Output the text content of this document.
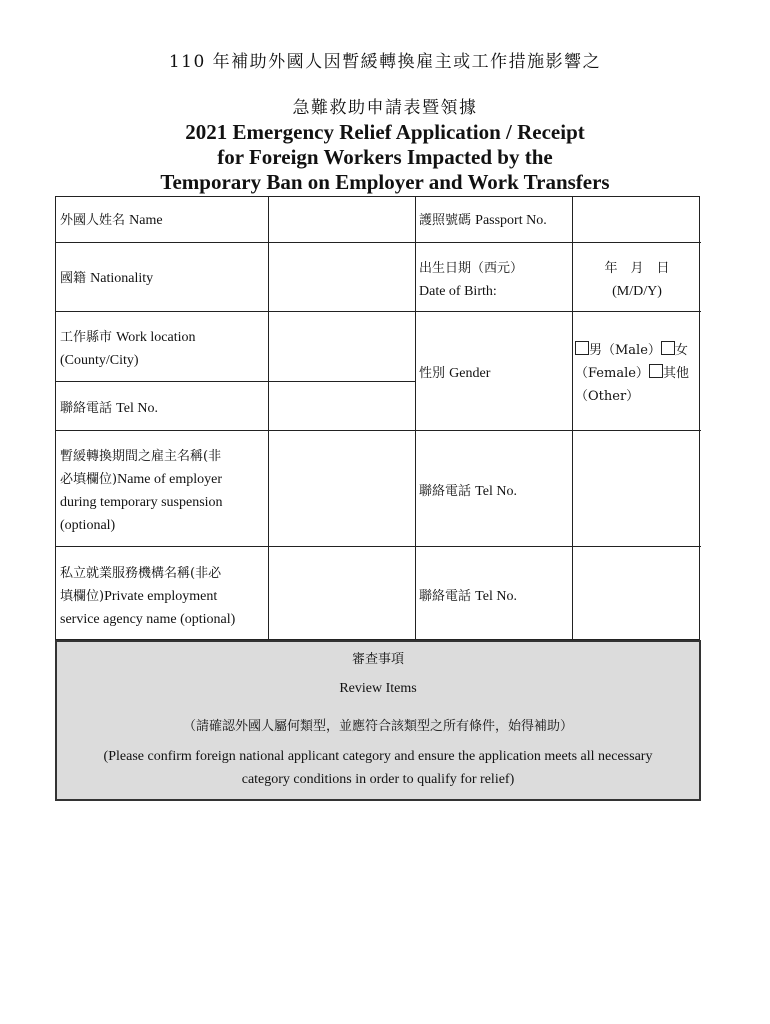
110 年補助外國人因暫緩轉換雇主或工作措施影響之
急難救助申請表暨領據
2021 Emergency Relief Application / Receipt
for Foreign Workers Impacted by the
Temporary Ban on Employer and Work Transfers
外國人姓名 Name	護照號碼 Passport No.
國籍 Nationality
出生日期（西元）
Date of Birth:
年　月　日
(M/D/Y)
工作縣市 Work location
(County/City)
性別 Gender
男（Male） 女
（Female） 其他
（Other）
聯絡電話 Tel No.
暫緩轉換期間之雇主名稱(非
必填欄位)Name of employer
during temporary suspension
(optional)
聯絡電話 Tel No.
私立就業服務機構名稱(非必
填欄位)Private employment
service agency name (optional)
聯絡電話 Tel No.
審查事項
Review Items
（請確認外國人屬何類型，並應符合該類型之所有條件，始得補助）
(Please confirm foreign national applicant category and ensure the application meets all necessary
category conditions in order to qualify for relief)
